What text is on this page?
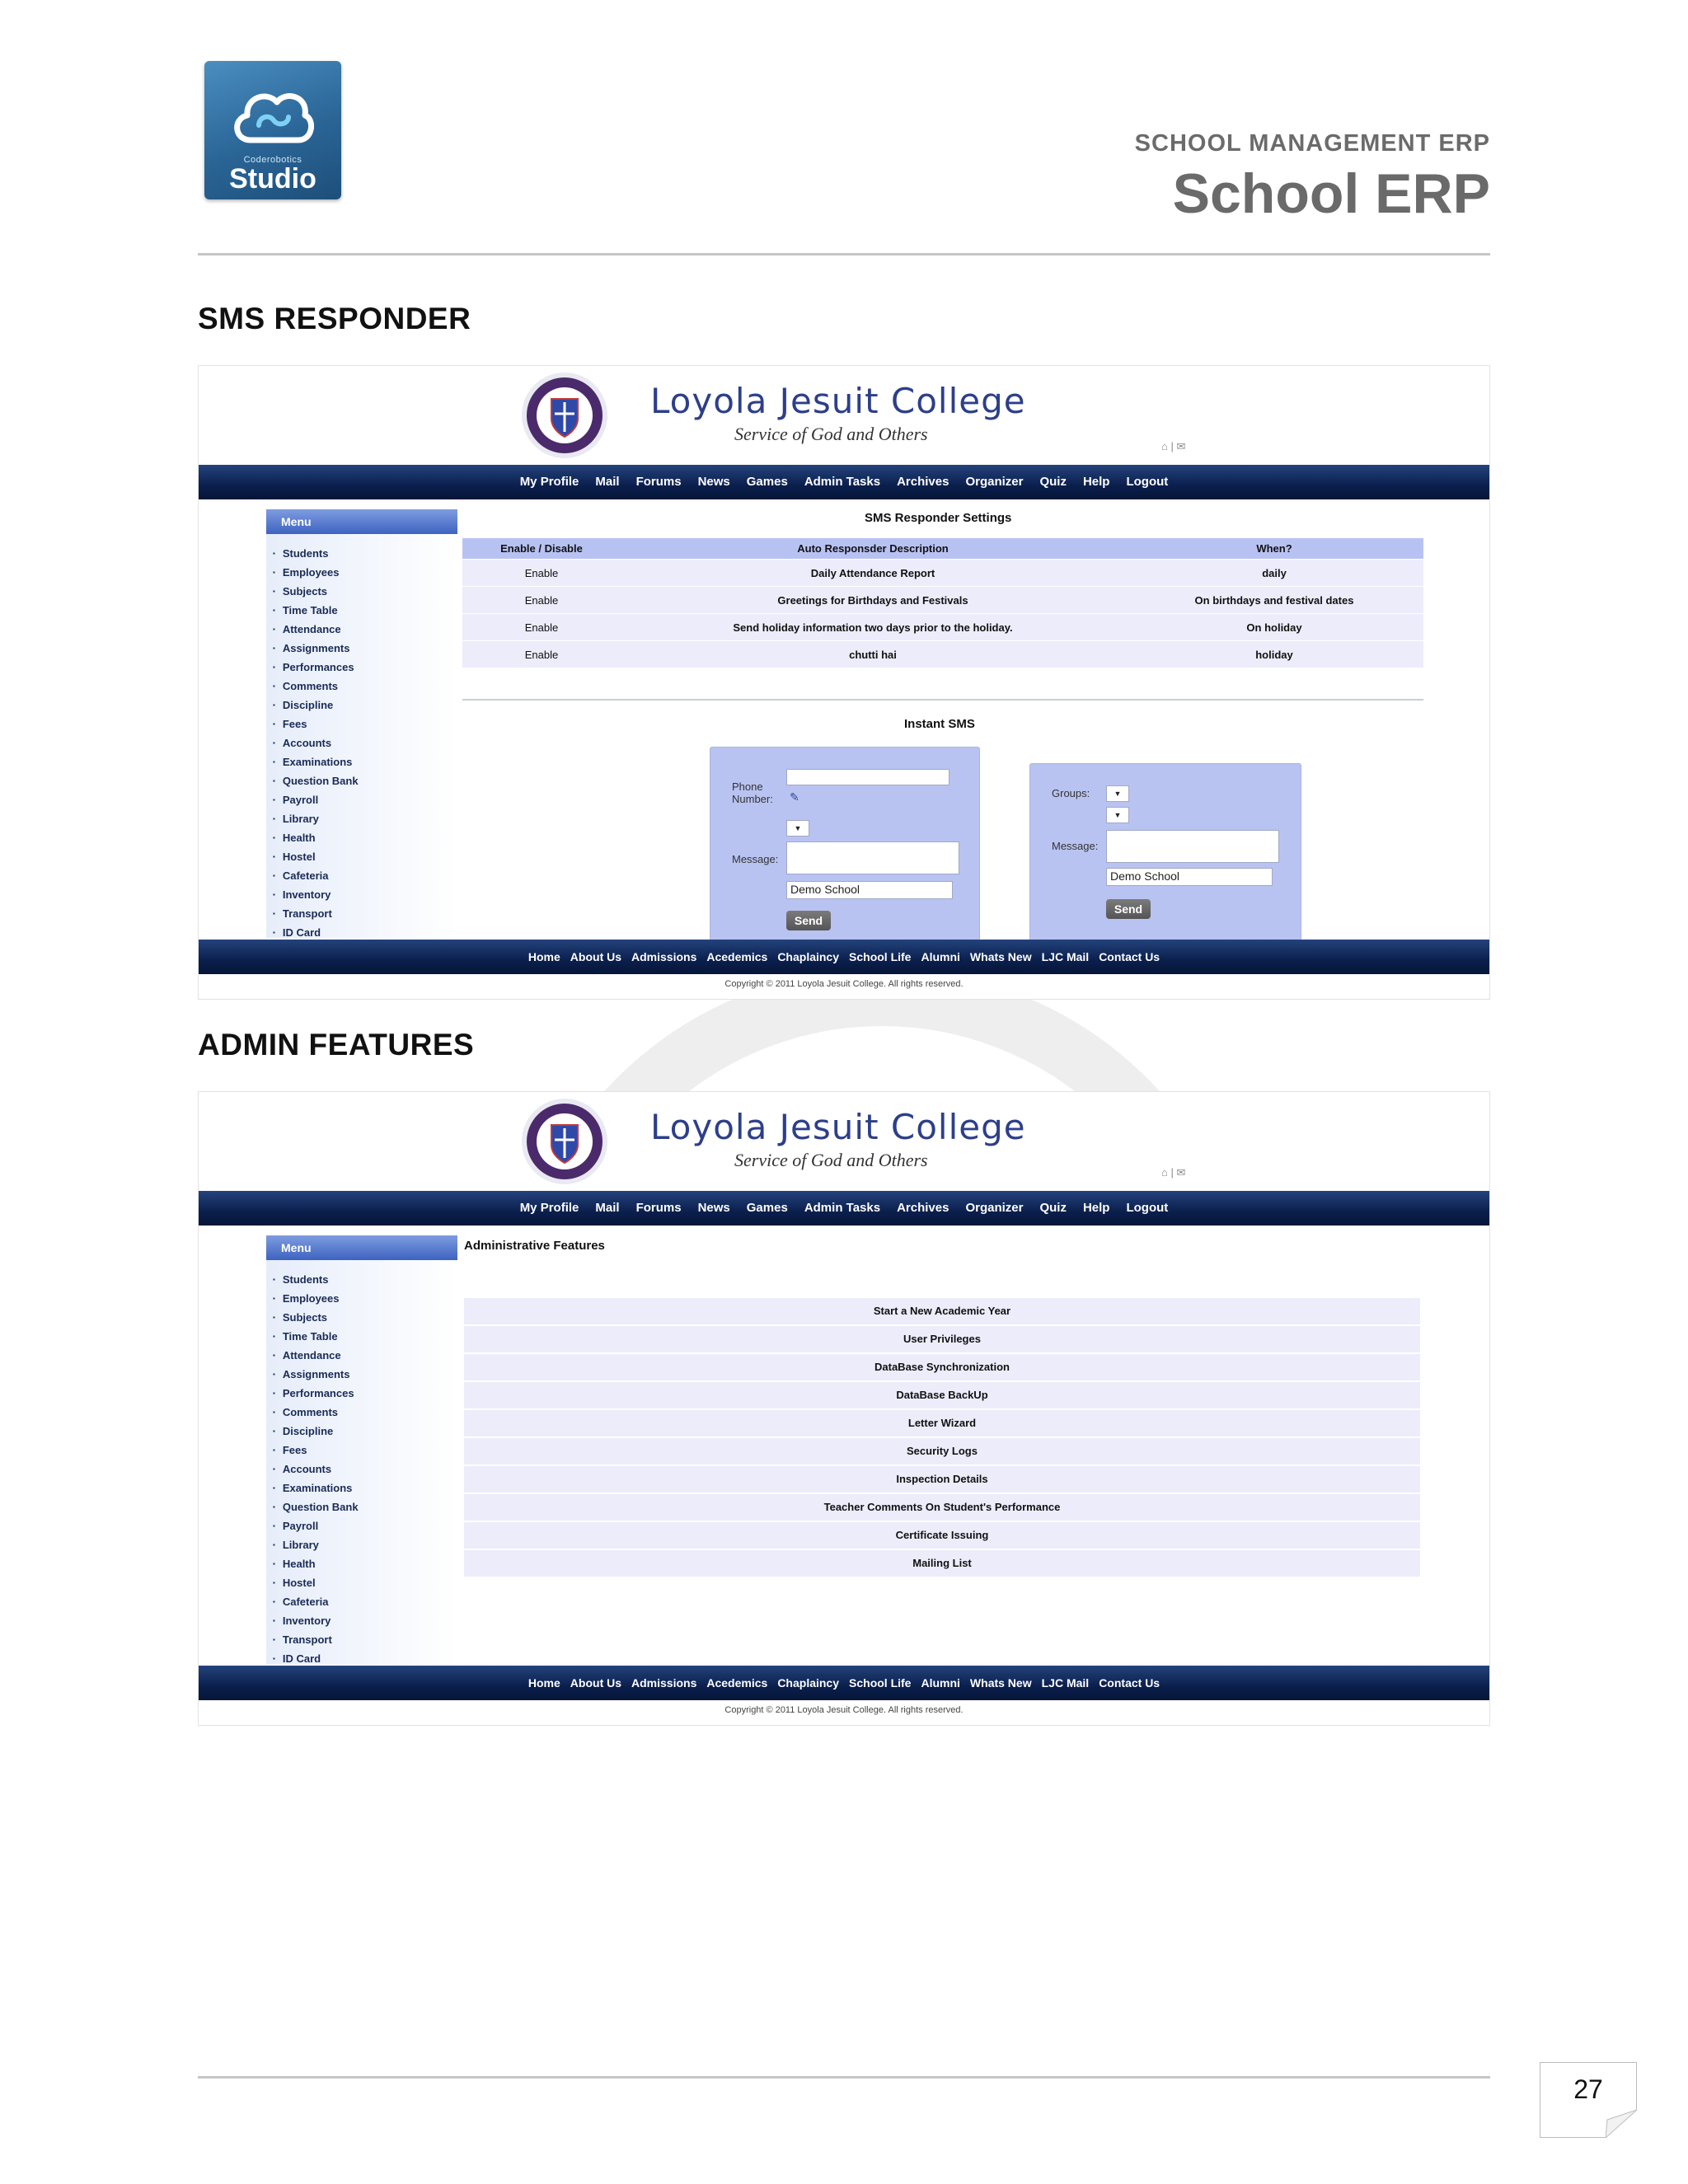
Coderobotics
Studio
SCHOOL MANAGEMENT ERP
School ERP
SMS RESPONDER
Loyola Jesuit College
Service of God and Others
⌂ | ✉
My Profile Mail Forums News Games Admin Tasks Archives Organizer Quiz Help Logout
Menu
▪ Students
▪ Employees
▪ Subjects
▪ Time Table
▪ Attendance
▪ Assignments
▪ Performances
▪ Comments
▪ Discipline
▪ Fees
▪ Accounts
▪ Examinations
▪ Question Bank
▪ Payroll
▪ Library
▪ Health
▪ Hostel
▪ Cafeteria
▪ Inventory
▪ Transport
▪ ID Card
SMS Responder Settings
Enable / Disable	Auto Responsder Description	When?
Enable	Daily Attendance Report	daily
Enable	Greetings for Birthdays and Festivals	On birthdays and festival dates
Enable	Send holiday information two days prior to the holiday.	On holiday
Enable	chutti hai	holiday
Instant SMS
Phone Number:	✎
▼
Message:
Demo School
Send
Groups:	▼
▼
Message:
Demo School
Send
Home About Us Admissions Acedemics Chaplaincy School Life Alumni Whats New LJC Mail Contact Us
Copyright © 2011 Loyola Jesuit College. All rights reserved.
ADMIN FEATURES
Loyola Jesuit College
Service of God and Others
⌂ | ✉
My Profile Mail Forums News Games Admin Tasks Archives Organizer Quiz Help Logout
Menu
▪ Students
▪ Employees
▪ Subjects
▪ Time Table
▪ Attendance
▪ Assignments
▪ Performances
▪ Comments
▪ Discipline
▪ Fees
▪ Accounts
▪ Examinations
▪ Question Bank
▪ Payroll
▪ Library
▪ Health
▪ Hostel
▪ Cafeteria
▪ Inventory
▪ Transport
▪ ID Card
Administrative Features
Start a New Academic Year
User Privileges
DataBase Synchronization
DataBase BackUp
Letter Wizard
Security Logs
Inspection Details
Teacher Comments On Student's Performance
Certificate Issuing
Mailing List
Home About Us Admissions Acedemics Chaplaincy School Life Alumni Whats New LJC Mail Contact Us
Copyright © 2011 Loyola Jesuit College. All rights reserved.
27
